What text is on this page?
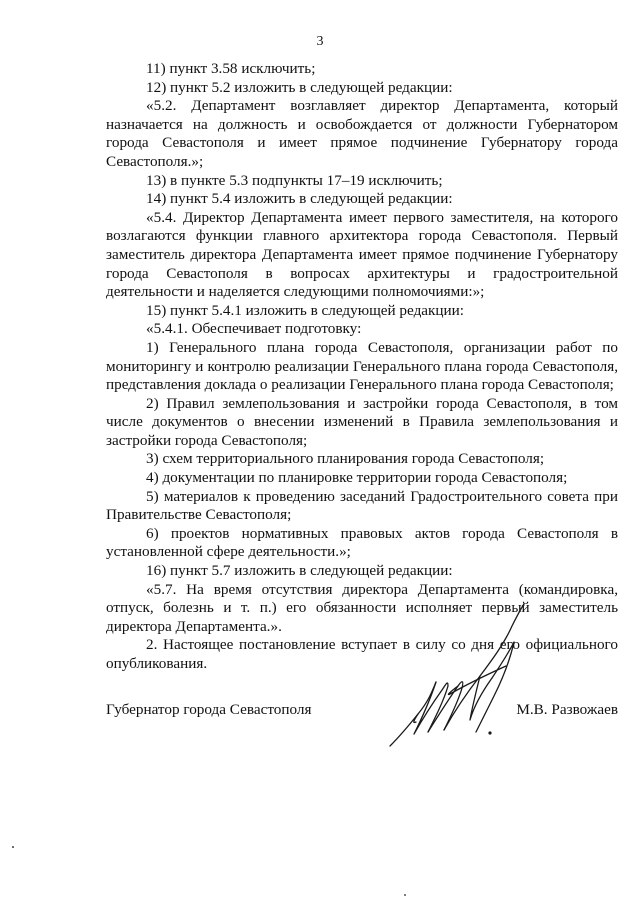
3

11) пункт 3.58 исключить;

12) пункт 5.2 изложить в следующей редакции:

«5.2. Департамент возглавляет директор Департамента, который назначается на должность и освобождается от должности Губернатором города Севастополя и имеет прямое подчинение Губернатору города Севастополя.»;

13) в пункте 5.3 подпункты 17–19 исключить;

14) пункт 5.4 изложить в следующей редакции:

«5.4. Директор Департамента имеет первого заместителя, на которого возлагаются функции главного архитектора города Севастополя. Первый заместитель директора Департамента имеет прямое подчинение Губернатору города Севастополя в вопросах архитектуры и градостроительной деятельности и наделяется следующими полномочиями:»;

15) пункт 5.4.1 изложить в следующей редакции:

«5.4.1. Обеспечивает подготовку:

1) Генерального плана города Севастополя, организации работ по мониторингу и контролю реализации Генерального плана города Севастополя, представления доклада о реализации Генерального плана города Севастополя;

2) Правил землепользования и застройки города Севастополя, в том числе документов о внесении изменений в Правила землепользования и застройки города Севастополя;

3) схем территориального планирования города Севастополя;

4) документации по планировке территории города Севастополя;

5) материалов к проведению заседаний Градостроительного совета при Правительстве Севастополя;

6) проектов нормативных правовых актов города Севастополя в установленной сфере деятельности.»;

16) пункт 5.7 изложить в следующей редакции:

«5.7. На время отсутствия директора Департамента (командировка, отпуск, болезнь и т. п.) его обязанности исполняет первый заместитель директора Департамента.».

2. Настоящее постановление вступает в силу со дня его официального опубликования.

Губернатор города Севастополя	М.В. Развожаев
